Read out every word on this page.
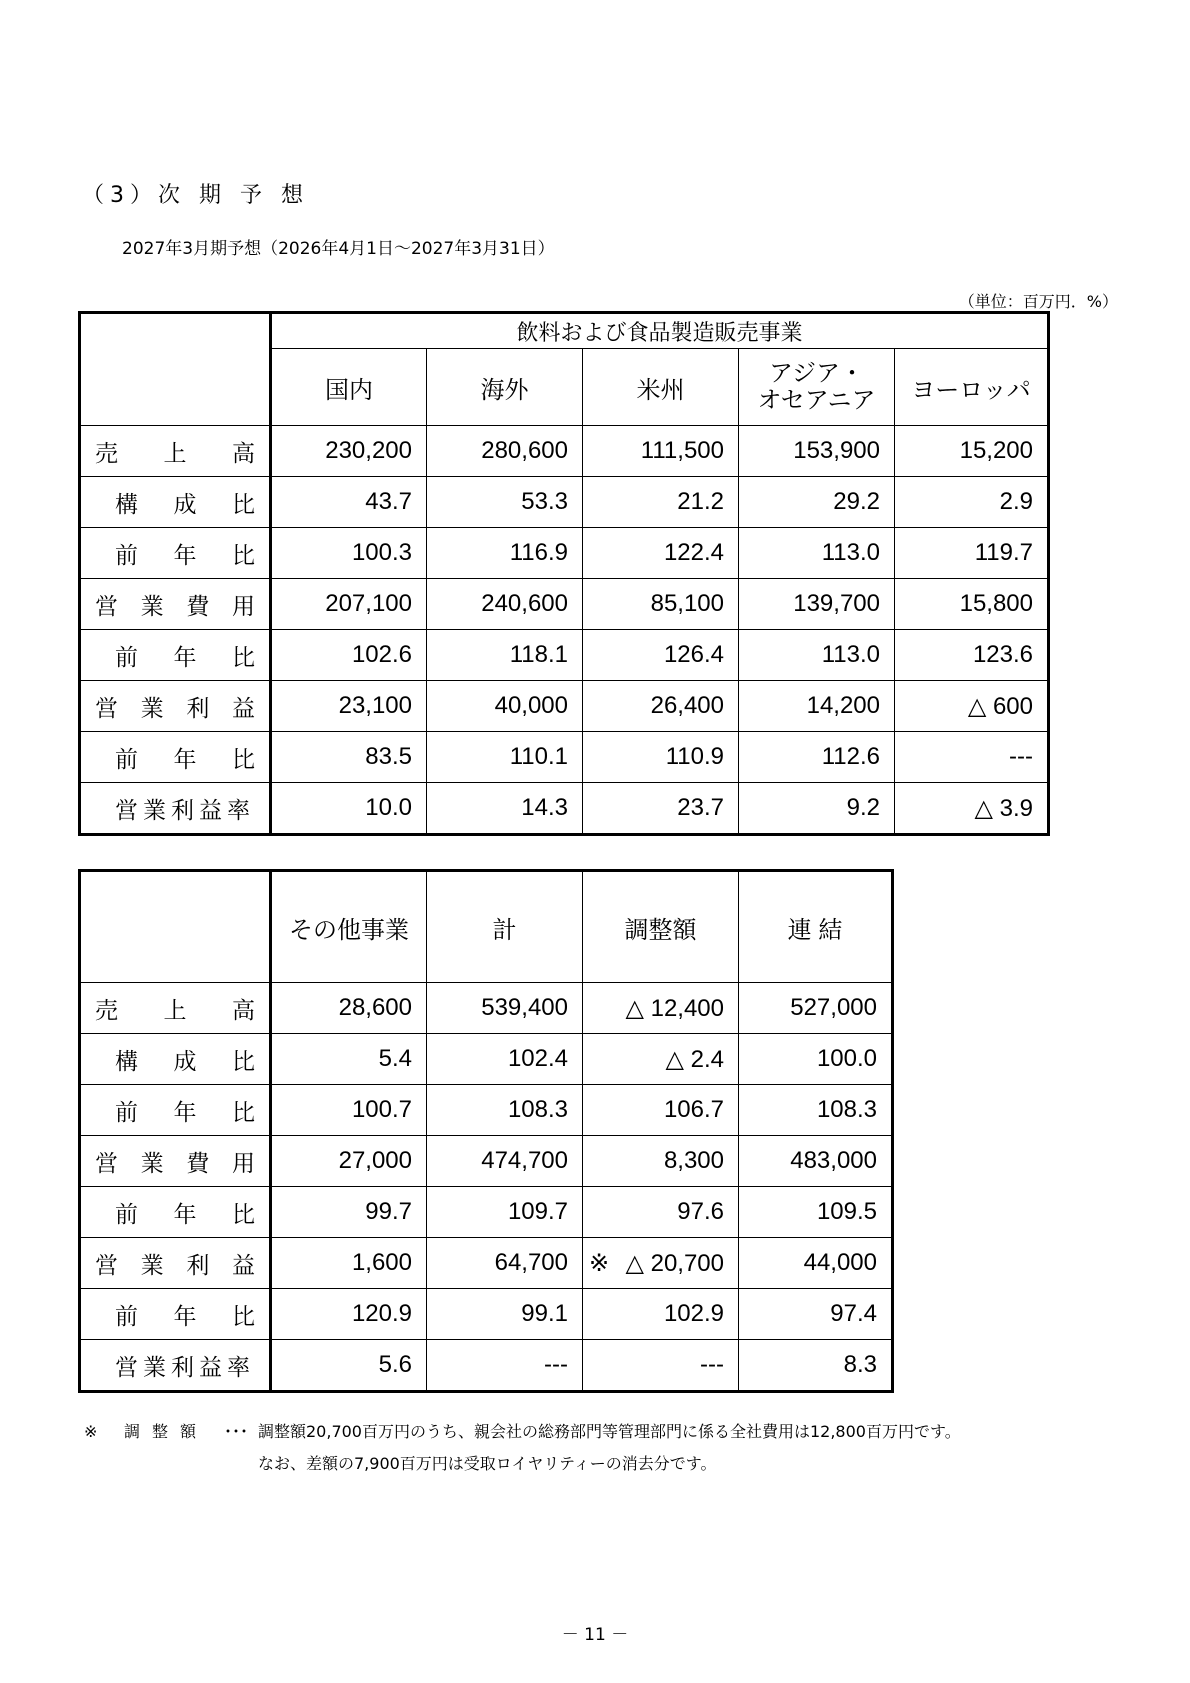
（3）次 期 予 想
2027年3月期予想（2026年4月1日～2027年3月31日）
（単位：百万円．%）
	飲料および食品製造販売事業				
	国内	海外	米州	アジア・
オセアニア	ヨーロッパ

売 上 高	230,200	280,600	111,500	153,900	15,200

構 成 比	43.7	53.3	21.2	29.2	2.9

前 年 比	100.3	116.9	122.4	113.0	119.7

営 業 費 用	207,100	240,600	85,100	139,700	15,800

前 年 比	102.6	118.1	126.4	113.0	123.6

営 業 利 益	23,100	40,000	26,400	14,200	△ 600

前 年 比	83.5	110.1	110.9	112.6	---

営業利益率	10.0	14.3	23.7	9.2	△ 3.9
	その他事業	計	調整額	連 結

売 上 高	28,600	539,400	△ 12,400	527,000

構 成 比	5.4	102.4	△ 2.4	100.0

前 年 比	100.7	108.3	106.7	108.3

営 業 費 用	27,000	474,700	8,300	483,000

前 年 比	99.7	109.7	97.6	109.5

営 業 利 益	1,600	64,700	※ △ 20,700	44,000

前 年 比	120.9	99.1	102.9	97.4

営業利益率	5.6	---	---	8.3
※ 調整額 ･･･ 調整額20,700百万円のうち、親会社の総務部門等管理部門に係る全社費用は12,800百万円です。
なお、差額の7,900百万円は受取ロイヤリティーの消去分です。
－ 11 －
